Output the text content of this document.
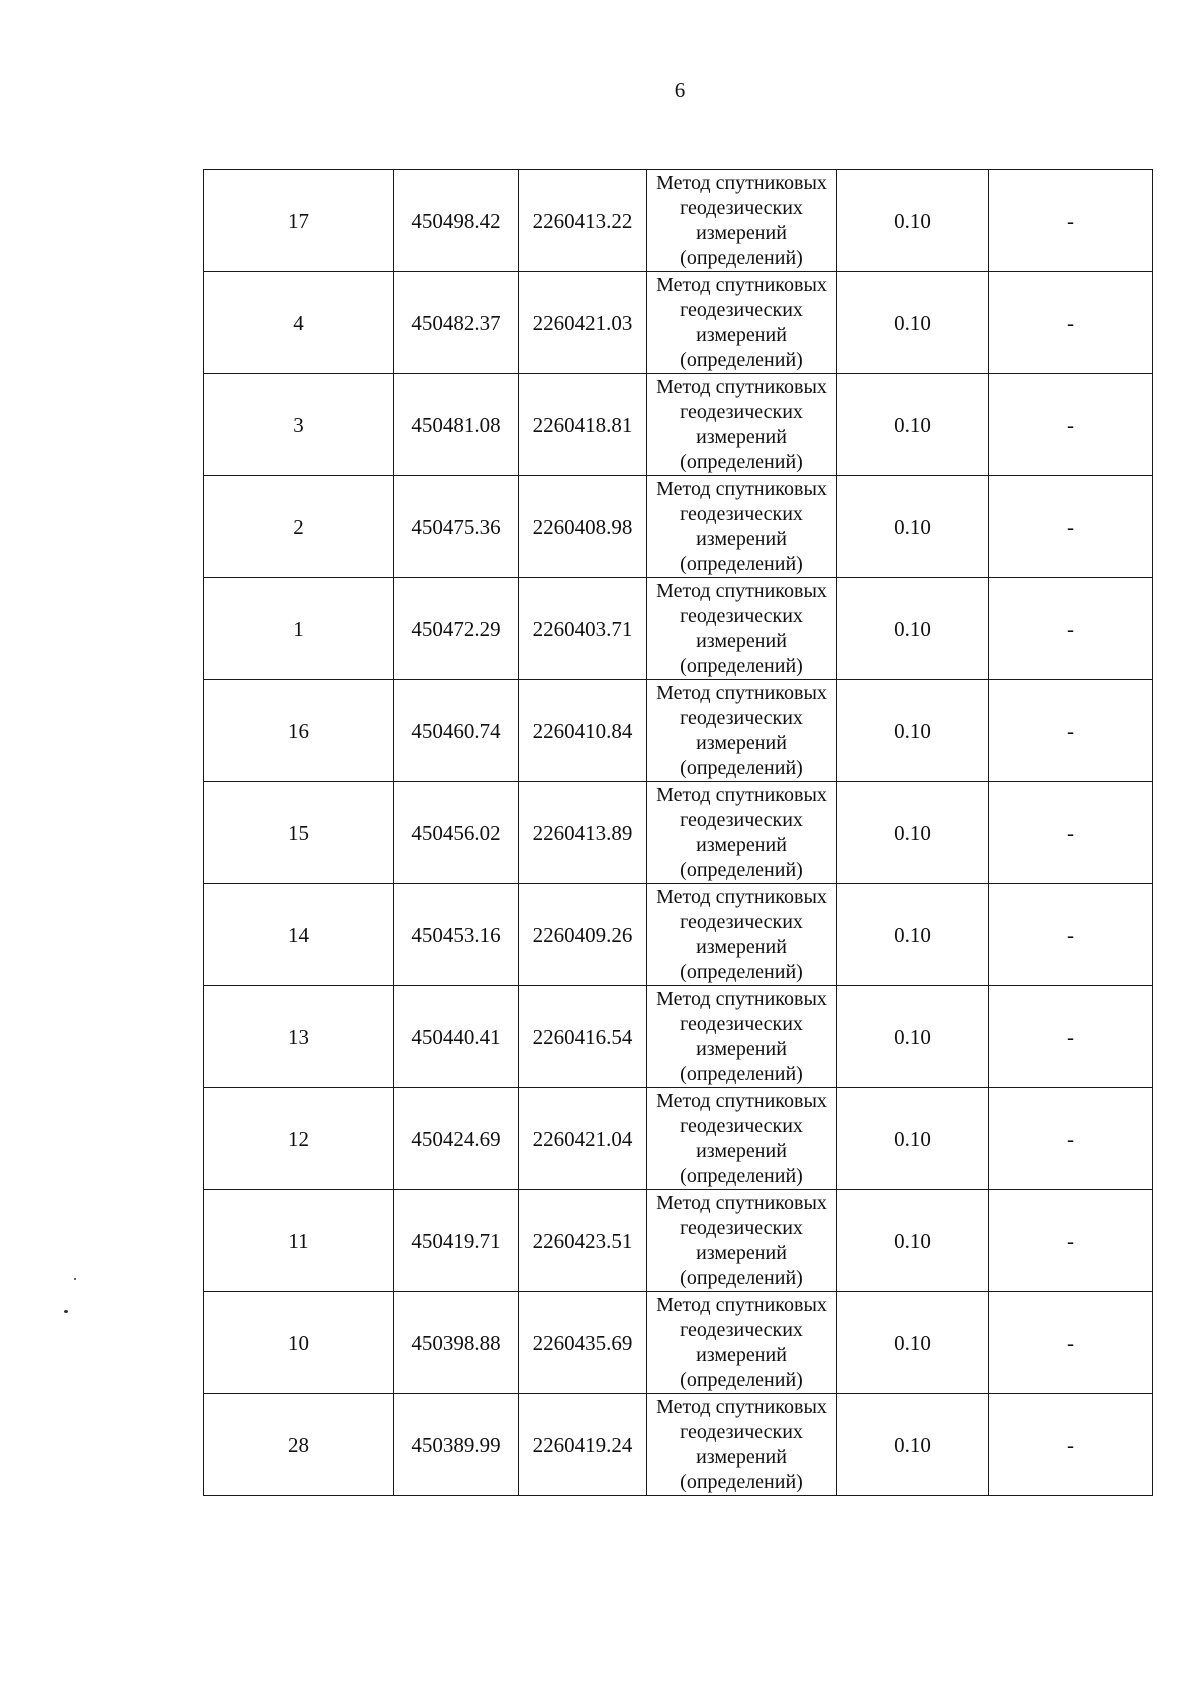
6
17	450498.42	2260413.22	Метод спутниковых геодезических измерений (определений)	0.10	-
4	450482.37	2260421.03	Метод спутниковых геодезических измерений (определений)	0.10	-
3	450481.08	2260418.81	Метод спутниковых геодезических измерений (определений)	0.10	-
2	450475.36	2260408.98	Метод спутниковых геодезических измерений (определений)	0.10	-
1	450472.29	2260403.71	Метод спутниковых геодезических измерений (определений)	0.10	-
16	450460.74	2260410.84	Метод спутниковых геодезических измерений (определений)	0.10	-
15	450456.02	2260413.89	Метод спутниковых геодезических измерений (определений)	0.10	-
14	450453.16	2260409.26	Метод спутниковых геодезических измерений (определений)	0.10	-
13	450440.41	2260416.54	Метод спутниковых геодезических измерений (определений)	0.10	-
12	450424.69	2260421.04	Метод спутниковых геодезических измерений (определений)	0.10	-
11	450419.71	2260423.51	Метод спутниковых геодезических измерений (определений)	0.10	-
10	450398.88	2260435.69	Метод спутниковых геодезических измерений (определений)	0.10	-
28	450389.99	2260419.24	Метод спутниковых геодезических измерений (определений)	0.10	-
